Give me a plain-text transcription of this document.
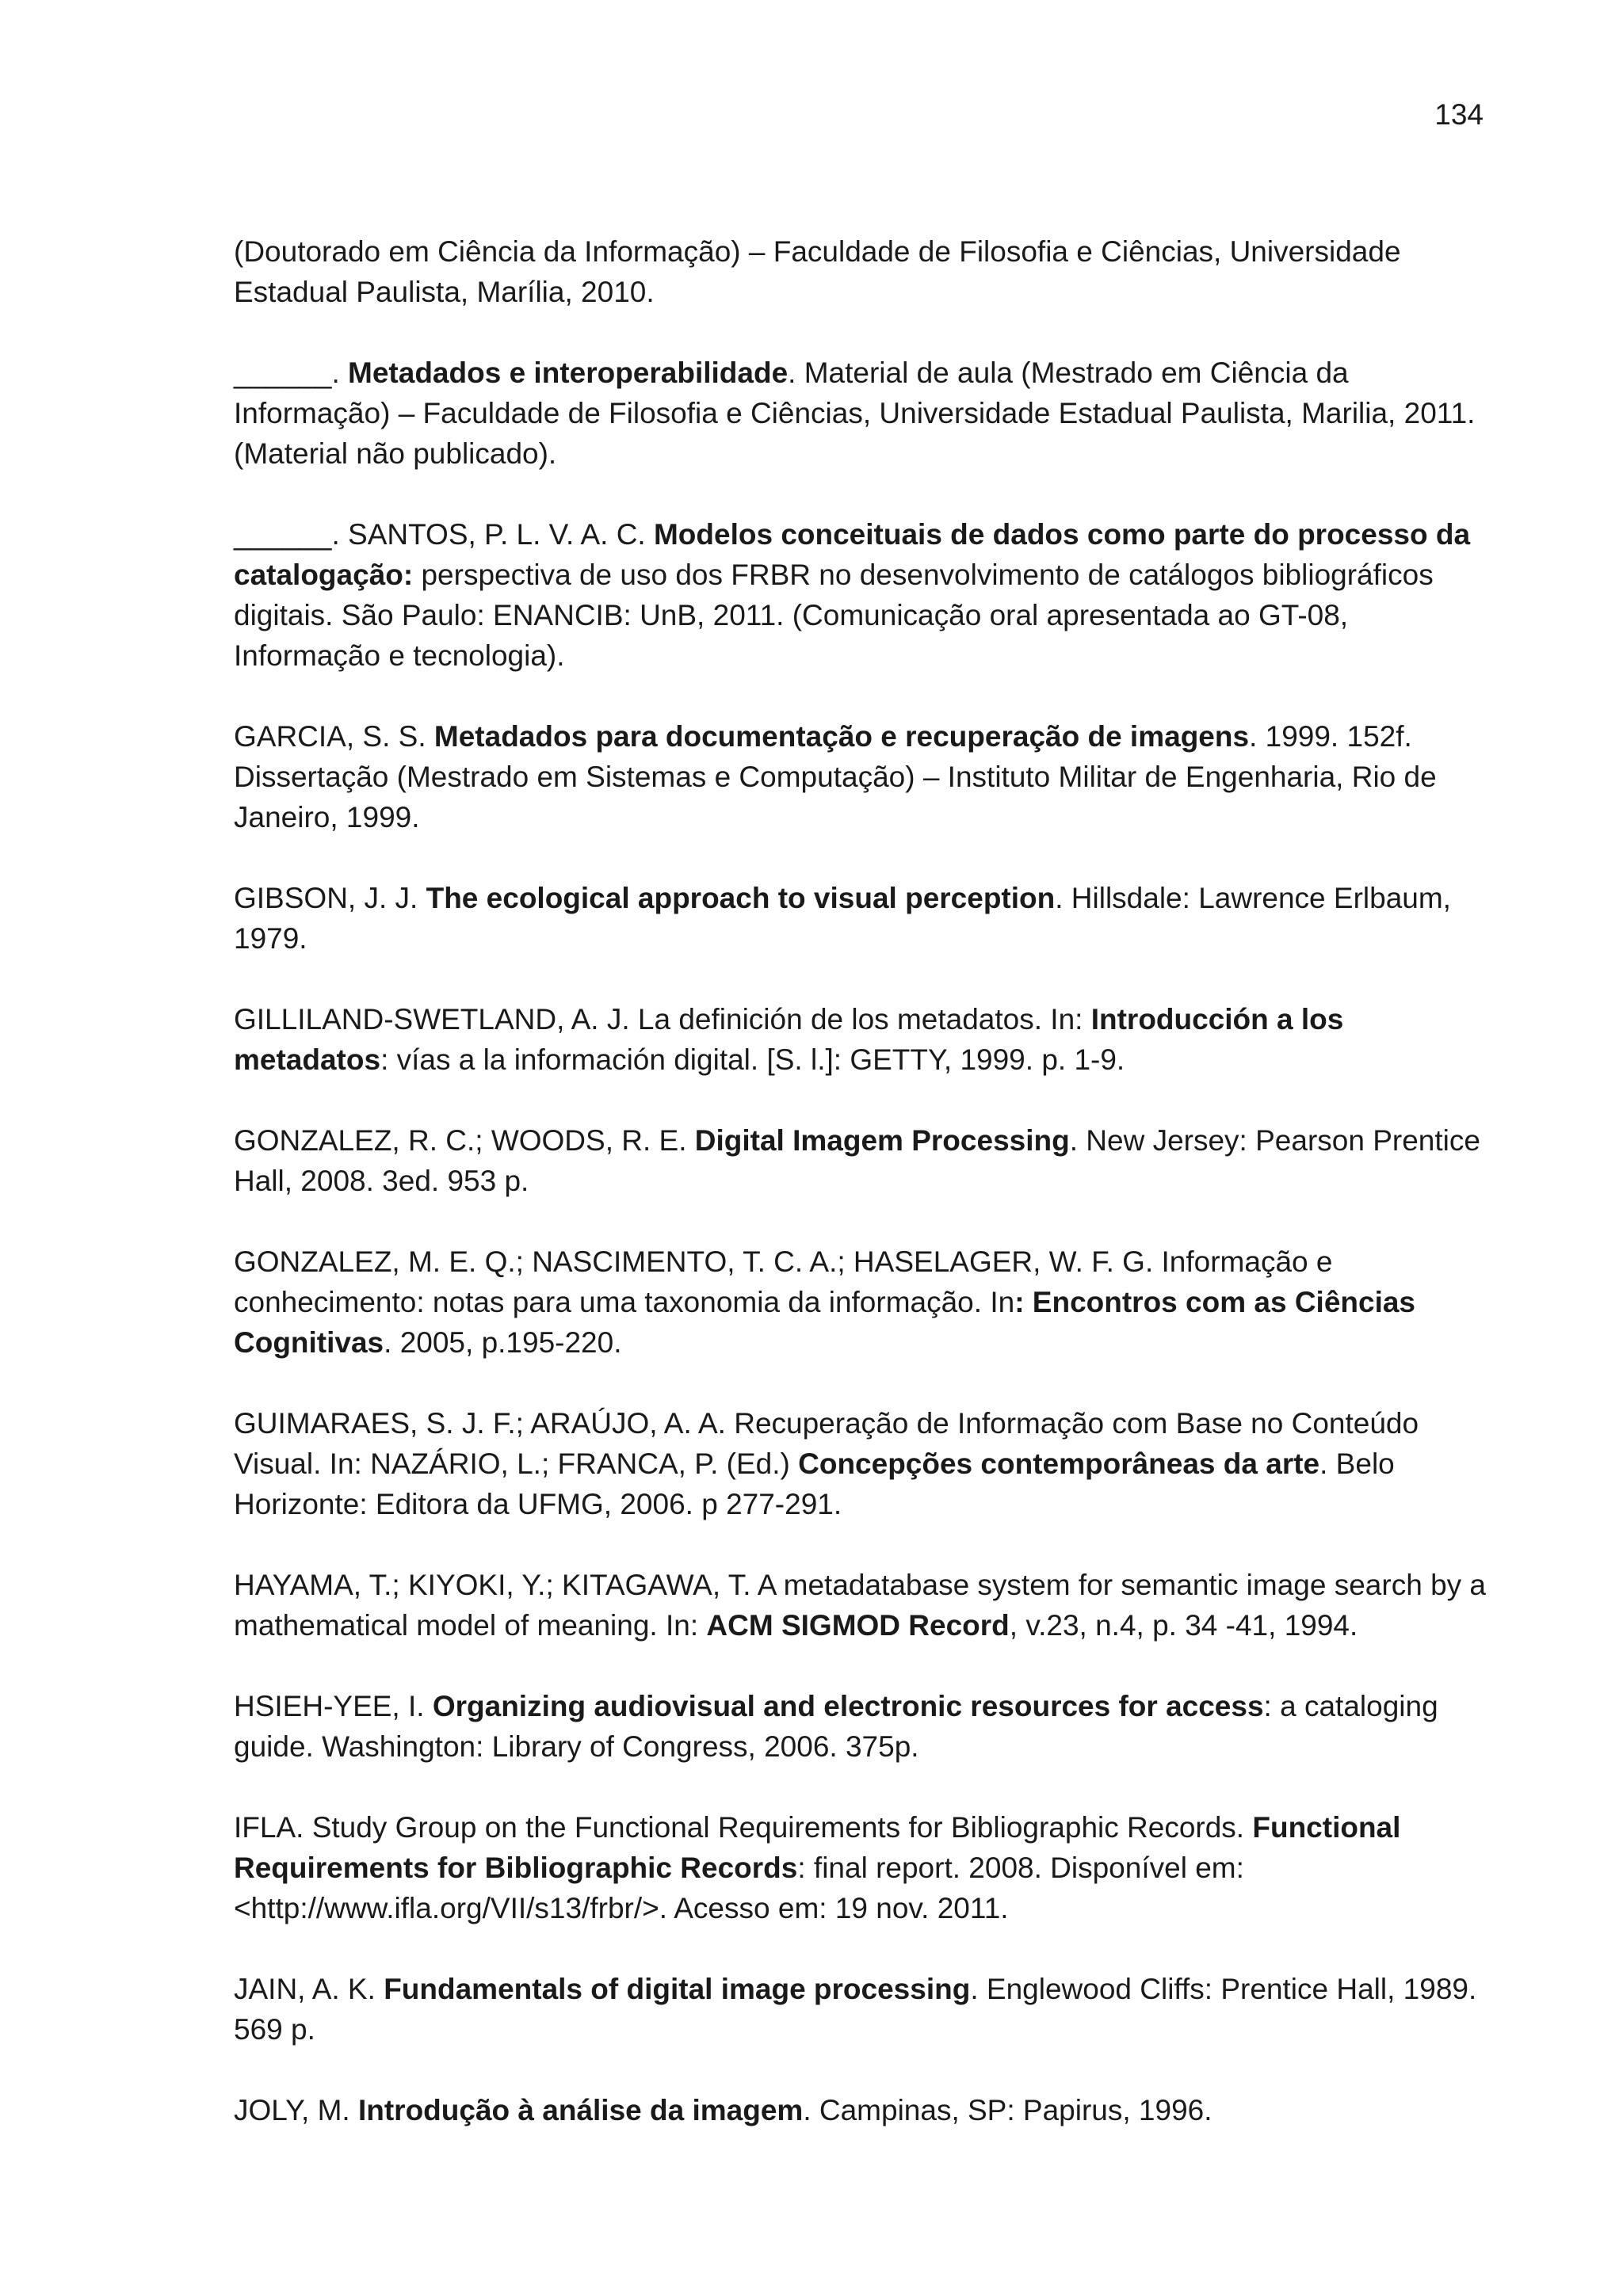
134

(Doutorado em Ciência da Informação) – Faculdade de Filosofia e Ciências, Universidade Estadual Paulista, Marília, 2010.

______. Metadados e interoperabilidade. Material de aula (Mestrado em Ciência da Informação) – Faculdade de Filosofia e Ciências, Universidade Estadual Paulista, Marilia, 2011. (Material não publicado).

______. SANTOS, P. L. V. A. C. Modelos conceituais de dados como parte do processo da catalogação: perspectiva de uso dos FRBR no desenvolvimento de catálogos bibliográficos digitais. São Paulo: ENANCIB: UnB, 2011. (Comunicação oral apresentada ao GT-08, Informação e tecnologia).

GARCIA, S. S. Metadados para documentação e recuperação de imagens. 1999. 152f. Dissertação (Mestrado em Sistemas e Computação) – Instituto Militar de Engenharia, Rio de Janeiro, 1999.

GIBSON, J. J. The ecological approach to visual perception. Hillsdale: Lawrence Erlbaum, 1979.

GILLILAND-SWETLAND, A. J. La definición de los metadatos. In: Introducción a los metadatos: vías a la información digital. [S. l.]: GETTY, 1999. p. 1-9.

GONZALEZ, R. C.; WOODS, R. E. Digital Imagem Processing. New Jersey: Pearson Prentice Hall, 2008. 3ed. 953 p.

GONZALEZ, M. E. Q.; NASCIMENTO, T. C. A.; HASELAGER, W. F. G. Informação e conhecimento: notas para uma taxonomia da informação. In: Encontros com as Ciências Cognitivas. 2005, p.195-220.

GUIMARAES, S. J. F.; ARAÚJO, A. A. Recuperação de Informação com Base no Conteúdo Visual. In: NAZÁRIO, L.; FRANCA, P. (Ed.) Concepções contemporâneas da arte. Belo Horizonte: Editora da UFMG, 2006. p 277-291.

HAYAMA, T.; KIYOKI, Y.; KITAGAWA, T. A metadatabase system for semantic image search by a mathematical model of meaning. In: ACM SIGMOD Record, v.23, n.4, p. 34 -41, 1994.

HSIEH-YEE, I. Organizing audiovisual and electronic resources for access: a cataloging guide. Washington: Library of Congress, 2006. 375p.

IFLA. Study Group on the Functional Requirements for Bibliographic Records. Functional Requirements for Bibliographic Records: final report. 2008. Disponível em: <http://www.ifla.org/VII/s13/frbr/>. Acesso em: 19 nov. 2011.

JAIN, A. K. Fundamentals of digital image processing. Englewood Cliffs: Prentice Hall, 1989. 569 p.

JOLY, M. Introdução à análise da imagem. Campinas, SP: Papirus, 1996.
